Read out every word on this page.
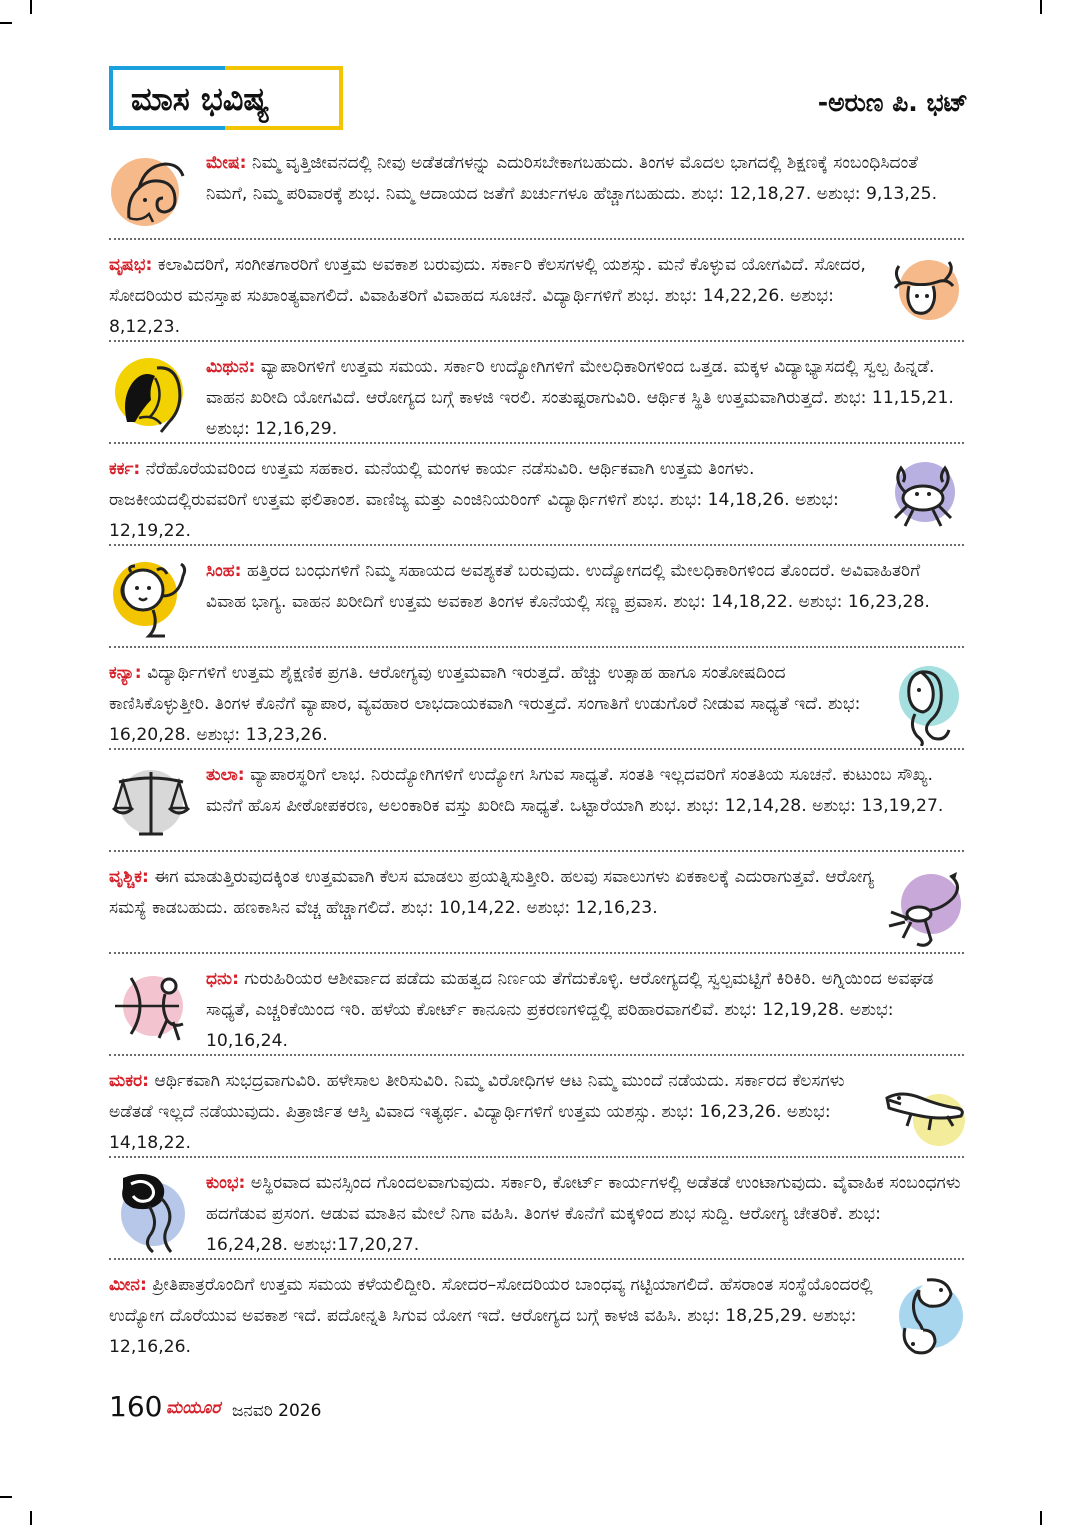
ಮಾಸ ಭವಿಷ್ಯ	-ಅರುಣ ಪಿ. ಭಟ್
ಮೇಷ: ನಿಮ್ಮ ವೃತ್ತಿಜೀವನದಲ್ಲಿ ನೀವು ಅಡೆತಡೆಗಳನ್ನು ಎದುರಿಸಬೇಕಾಗಬಹುದು. ತಿಂಗಳ ಮೊದಲ ಭಾಗದಲ್ಲಿ ಶಿಕ್ಷಣಕ್ಕೆ ಸಂಬಂಧಿಸಿದಂತೆ ನಿಮಗೆ, ನಿಮ್ಮ ಪರಿವಾರಕ್ಕೆ ಶುಭ. ನಿಮ್ಮ ಆದಾಯದ ಜತೆಗೆ ಖರ್ಚುಗಳೂ ಹೆಚ್ಚಾಗಬಹುದು. ಶುಭ: 12,18,27. ಅಶುಭ: 9,13,25.
ವೃಷಭ: ಕಲಾವಿದರಿಗೆ, ಸಂಗೀತಗಾರರಿಗೆ ಉತ್ತಮ ಅವಕಾಶ ಬರುವುದು. ಸರ್ಕಾರಿ ಕೆಲಸಗಳಲ್ಲಿ ಯಶಸ್ಸು. ಮನೆ ಕೊಳ್ಳುವ ಯೋಗವಿದೆ. ಸೋದರ, ಸೋದರಿಯರ ಮನಸ್ತಾಪ ಸುಖಾಂತ್ಯವಾಗಲಿದೆ. ವಿವಾಹಿತರಿಗೆ ವಿವಾಹದ ಸೂಚನೆ. ವಿದ್ಯಾರ್ಥಿಗಳಿಗೆ ಶುಭ. ಶುಭ: 14,22,26. ಅಶುಭ: 8,12,23.
ಮಿಥುನ: ವ್ಯಾಪಾರಿಗಳಿಗೆ ಉತ್ತಮ ಸಮಯ. ಸರ್ಕಾರಿ ಉದ್ಯೋಗಿಗಳಿಗೆ ಮೇಲಧಿಕಾರಿಗಳಿಂದ ಒತ್ತಡ. ಮಕ್ಕಳ ವಿದ್ಯಾಭ್ಯಾಸದಲ್ಲಿ ಸ್ವಲ್ಪ ಹಿನ್ನಡೆ. ವಾಹನ ಖರೀದಿ ಯೋಗವಿದೆ. ಆರೋಗ್ಯದ ಬಗ್ಗೆ ಕಾಳಜಿ ಇರಲಿ. ಸಂತುಷ್ಟರಾಗುವಿರಿ. ಆರ್ಥಿಕ ಸ್ಥಿತಿ ಉತ್ತಮವಾಗಿರುತ್ತದೆ. ಶುಭ: 11,15,21. ಅಶುಭ: 12,16,29.
ಕರ್ಕ: ನೆರೆಹೊರೆಯವರಿಂದ ಉತ್ತಮ ಸಹಕಾರ. ಮನೆಯಲ್ಲಿ ಮಂಗಳ ಕಾರ್ಯ ನಡೆಸುವಿರಿ. ಆರ್ಥಿಕವಾಗಿ ಉತ್ತಮ ತಿಂಗಳು. ರಾಜಕೀಯದಲ್ಲಿರುವವರಿಗೆ ಉತ್ತಮ ಫಲಿತಾಂಶ. ವಾಣಿಜ್ಯ ಮತ್ತು ಎಂಜಿನಿಯರಿಂಗ್ ವಿದ್ಯಾರ್ಥಿಗಳಿಗೆ ಶುಭ. ಶುಭ: 14,18,26. ಅಶುಭ: 12,19,22.
ಸಿಂಹ: ಹತ್ತಿರದ ಬಂಧುಗಳಿಗೆ ನಿಮ್ಮ ಸಹಾಯದ ಅವಶ್ಯಕತೆ ಬರುವುದು. ಉದ್ಯೋಗದಲ್ಲಿ ಮೇಲಧಿಕಾರಿಗಳಿಂದ ತೊಂದರೆ. ಅವಿವಾಹಿತರಿಗೆ ವಿವಾಹ ಭಾಗ್ಯ. ವಾಹನ ಖರೀದಿಗೆ ಉತ್ತಮ ಅವಕಾಶ ತಿಂಗಳ ಕೊನೆಯಲ್ಲಿ ಸಣ್ಣ ಪ್ರವಾಸ. ಶುಭ: 14,18,22. ಅಶುಭ: 16,23,28.
ಕನ್ಯಾ: ವಿದ್ಯಾರ್ಥಿಗಳಿಗೆ ಉತ್ತಮ ಶೈಕ್ಷಣಿಕ ಪ್ರಗತಿ. ಆರೋಗ್ಯವು ಉತ್ತಮವಾಗಿ ಇರುತ್ತದೆ. ಹೆಚ್ಚು ಉತ್ಸಾಹ ಹಾಗೂ ಸಂತೋಷದಿಂದ ಕಾಣಿಸಿಕೊಳ್ಳುತ್ತೀರಿ. ತಿಂಗಳ ಕೊನೆಗೆ ವ್ಯಾಪಾರ, ವ್ಯವಹಾರ ಲಾಭದಾಯಕವಾಗಿ ಇರುತ್ತದೆ. ಸಂಗಾತಿಗೆ ಉಡುಗೊರೆ ನೀಡುವ ಸಾಧ್ಯತೆ ಇದೆ. ಶುಭ: 16,20,28. ಅಶುಭ: 13,23,26.
ತುಲಾ: ವ್ಯಾಪಾರಸ್ಥರಿಗೆ ಲಾಭ. ನಿರುದ್ಯೋಗಿಗಳಿಗೆ ಉದ್ಯೋಗ ಸಿಗುವ ಸಾಧ್ಯತೆ. ಸಂತತಿ ಇಲ್ಲದವರಿಗೆ ಸಂತತಿಯ ಸೂಚನೆ. ಕುಟುಂಬ ಸೌಖ್ಯ. ಮನೆಗೆ ಹೊಸ ಪೀಠೋಪಕರಣ, ಅಲಂಕಾರಿಕ ವಸ್ತು ಖರೀದಿ ಸಾಧ್ಯತೆ. ಒಟ್ಟಾರೆಯಾಗಿ ಶುಭ. ಶುಭ: 12,14,28. ಅಶುಭ: 13,19,27.
ವೃಶ್ಚಿಕ: ಈಗ ಮಾಡುತ್ತಿರುವುದಕ್ಕಿಂತ ಉತ್ತಮವಾಗಿ ಕೆಲಸ ಮಾಡಲು ಪ್ರಯತ್ನಿಸುತ್ತೀರಿ. ಹಲವು ಸವಾಲುಗಳು ಏಕಕಾಲಕ್ಕೆ ಎದುರಾಗುತ್ತವೆ. ಆರೋಗ್ಯ ಸಮಸ್ಯೆ ಕಾಡಬಹುದು. ಹಣಕಾಸಿನ ವೆಚ್ಚ ಹೆಚ್ಚಾಗಲಿದೆ. ಶುಭ: 10,14,22. ಅಶುಭ: 12,16,23.
ಧನು: ಗುರುಹಿರಿಯರ ಆಶೀರ್ವಾದ ಪಡೆದು ಮಹತ್ವದ ನಿರ್ಣಯ ತೆಗೆದುಕೊಳ್ಳಿ. ಆರೋಗ್ಯದಲ್ಲಿ ಸ್ವಲ್ಪಮಟ್ಟಿಗೆ ಕಿರಿಕಿರಿ. ಅಗ್ನಿಯಿಂದ ಅವಘಡ ಸಾಧ್ಯತೆ, ಎಚ್ಚರಿಕೆಯಿಂದ ಇರಿ. ಹಳೆಯ ಕೋರ್ಟ್ ಕಾನೂನು ಪ್ರಕರಣಗಳಿದ್ದಲ್ಲಿ ಪರಿಹಾರವಾಗಲಿವೆ. ಶುಭ: 12,19,28. ಅಶುಭ: 10,16,24.
ಮಕರ: ಆರ್ಥಿಕವಾಗಿ ಸುಭದ್ರವಾಗುವಿರಿ. ಹಳೇಸಾಲ ತೀರಿಸುವಿರಿ. ನಿಮ್ಮ ವಿರೋಧಿಗಳ ಆಟ ನಿಮ್ಮ ಮುಂದೆ ನಡೆಯದು. ಸರ್ಕಾರದ ಕೆಲಸಗಳು ಅಡೆತಡೆ ಇಲ್ಲದೆ ನಡೆಯುವುದು. ಪಿತ್ರಾರ್ಜಿತ ಆಸ್ತಿ ವಿವಾದ ಇತ್ಯರ್ಥ. ವಿದ್ಯಾರ್ಥಿಗಳಿಗೆ ಉತ್ತಮ ಯಶಸ್ಸು. ಶುಭ: 16,23,26. ಅಶುಭ: 14,18,22.
ಕುಂಭ: ಅಸ್ಥಿರವಾದ ಮನಸ್ಸಿಂದ ಗೊಂದಲವಾಗುವುದು. ಸರ್ಕಾರಿ, ಕೋರ್ಟ್ ಕಾರ್ಯಗಳಲ್ಲಿ ಅಡೆತಡೆ ಉಂಟಾಗುವುದು. ವೈವಾಹಿಕ ಸಂಬಂಧಗಳು ಹದಗೆಡುವ ಪ್ರಸಂಗ. ಆಡುವ ಮಾತಿನ ಮೇಲೆ ನಿಗಾ ವಹಿಸಿ. ತಿಂಗಳ ಕೊನೆಗೆ ಮಕ್ಕಳಿಂದ ಶುಭ ಸುದ್ದಿ. ಆರೋಗ್ಯ ಚೇತರಿಕೆ. ಶುಭ: 16,24,28. ಅಶುಭ:17,20,27.
ಮೀನ: ಪ್ರೀತಿಪಾತ್ರರೊಂದಿಗೆ ಉತ್ತಮ ಸಮಯ ಕಳೆಯಲಿದ್ದೀರಿ. ಸೋದರ–ಸೋದರಿಯರ ಬಾಂಧವ್ಯ ಗಟ್ಟಿಯಾಗಲಿದೆ. ಹೆಸರಾಂತ ಸಂಸ್ಥೆಯೊಂದರಲ್ಲಿ ಉದ್ಯೋಗ ದೊರೆಯುವ ಅವಕಾಶ ಇದೆ. ಪದೋನ್ನತಿ ಸಿಗುವ ಯೋಗ ಇದೆ. ಆರೋಗ್ಯದ ಬಗ್ಗೆ ಕಾಳಜಿ ವಹಿಸಿ. ಶುಭ: 18,25,29. ಅಶುಭ: 12,16,26.
160 ಮಯೂರ ಜನವರಿ 2026
